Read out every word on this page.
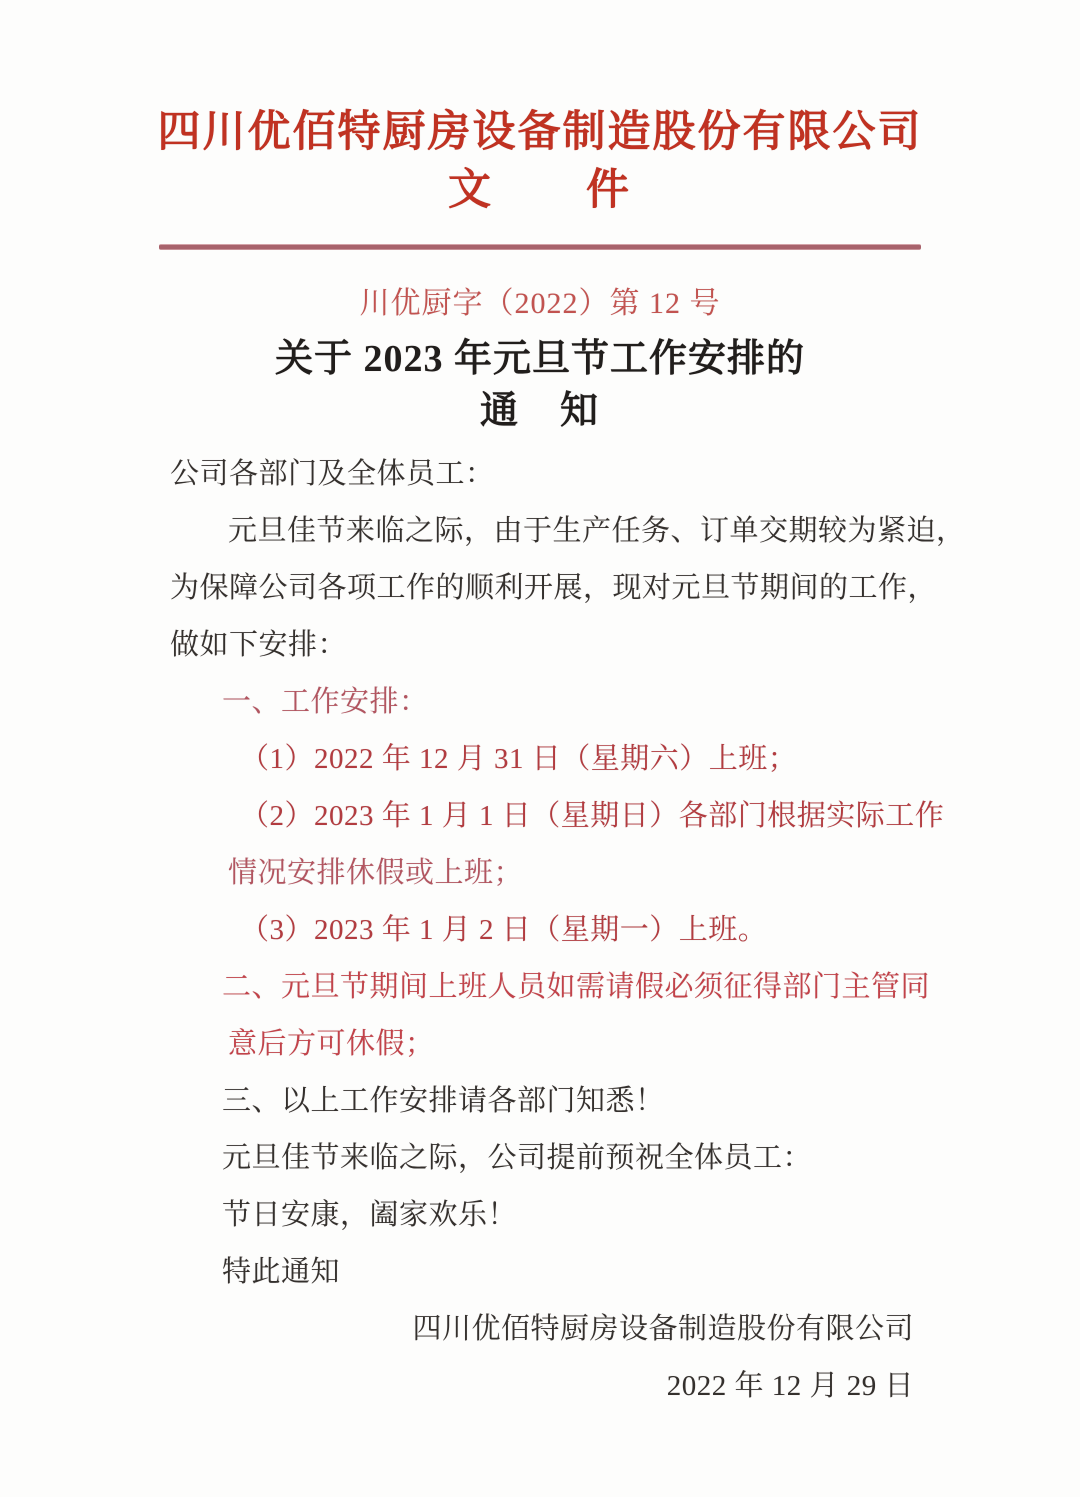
四川优佰特厨房设备制造股份有限公司
文　　件
川优厨字（2022）第 12 号
关于 2023 年元旦节工作安排的
通　知
公司各部门及全体员工：
元旦佳节来临之际，由于生产任务、订单交期较为紧迫，
为保障公司各项工作的顺利开展，现对元旦节期间的工作，
做如下安排：
一、工作安排：
（1）2022 年 12 月 31 日（星期六）上班；
（2）2023 年 1 月 1 日（星期日）各部门根据实际工作
情况安排休假或上班；
（3）2023 年 1 月 2 日（星期一）上班。
二、元旦节期间上班人员如需请假必须征得部门主管同
意后方可休假；
三、以上工作安排请各部门知悉！
元旦佳节来临之际，公司提前预祝全体员工：
节日安康，阖家欢乐！
特此通知
四川优佰特厨房设备制造股份有限公司
2022 年 12 月 29 日
